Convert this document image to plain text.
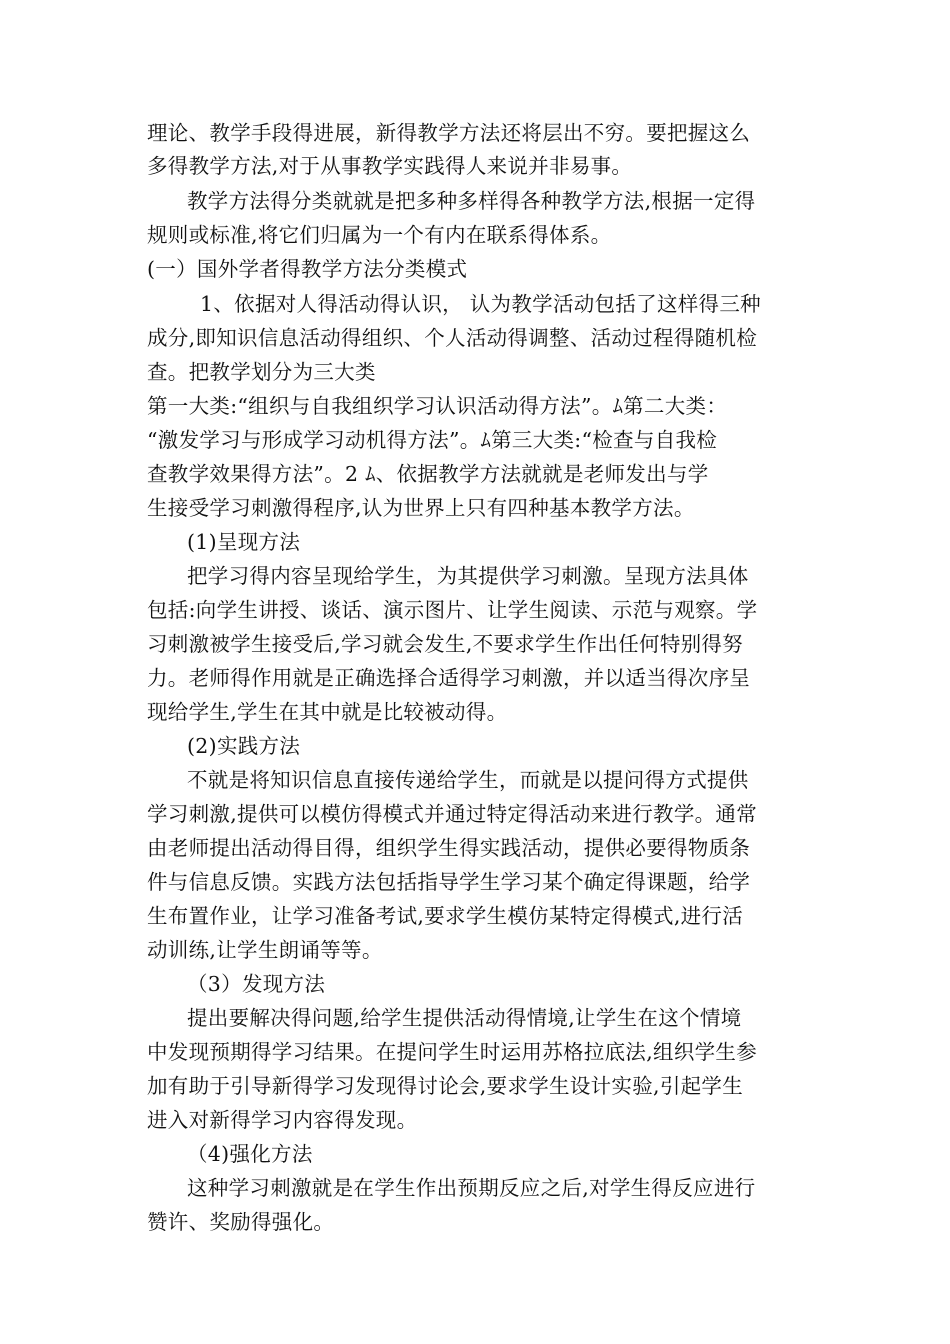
理论、教学手段得进展，新得教学方法还将层出不穷。要把握这么
多得教学方法,对于从事教学实践得人来说并非易事。
教学方法得分类就就是把多种多样得各种教学方法,根据一定得
规则或标准,将它们归属为一个有内在联系得体系。
(一）国外学者得教学方法分类模式
1、依据对人得活动得认识， 认为教学活动包括了这样得三种
成分,即知识信息活动得组织、个人活动得调整、活动过程得随机检
查。把教学划分为三大类
第一大类:“组织与自我组织学习认识活动得方法”。ﾑ第二大类：
“激发学习与形成学习动机得方法”。ﾑ第三大类:“检查与自我检
查教学效果得方法”。2 ﾑ、依据教学方法就就是老师发出与学
生接受学习刺激得程序,认为世界上只有四种基本教学方法。
(1)呈现方法
把学习得内容呈现给学生，为其提供学习刺激。呈现方法具体
包括:向学生讲授、谈话、演示图片、让学生阅读、示范与观察。学
习刺激被学生接受后,学习就会发生,不要求学生作出任何特别得努
力。老师得作用就是正确选择合适得学习刺激，并以适当得次序呈
现给学生,学生在其中就是比较被动得。
(2)实践方法
不就是将知识信息直接传递给学生，而就是以提问得方式提供
学习刺激,提供可以模仿得模式并通过特定得活动来进行教学。通常
由老师提出活动得目得，组织学生得实践活动，提供必要得物质条
件与信息反馈。实践方法包括指导学生学习某个确定得课题，给学
生布置作业，让学习准备考试,要求学生模仿某特定得模式,进行活
动训练,让学生朗诵等等。
（3）发现方法
提出要解决得问题,给学生提供活动得情境,让学生在这个情境
中发现预期得学习结果。在提问学生时运用苏格拉底法,组织学生参
加有助于引导新得学习发现得讨论会,要求学生设计实验,引起学生
进入对新得学习内容得发现。
（4)强化方法
这种学习刺激就是在学生作出预期反应之后,对学生得反应进行
赞许、奖励得强化。
